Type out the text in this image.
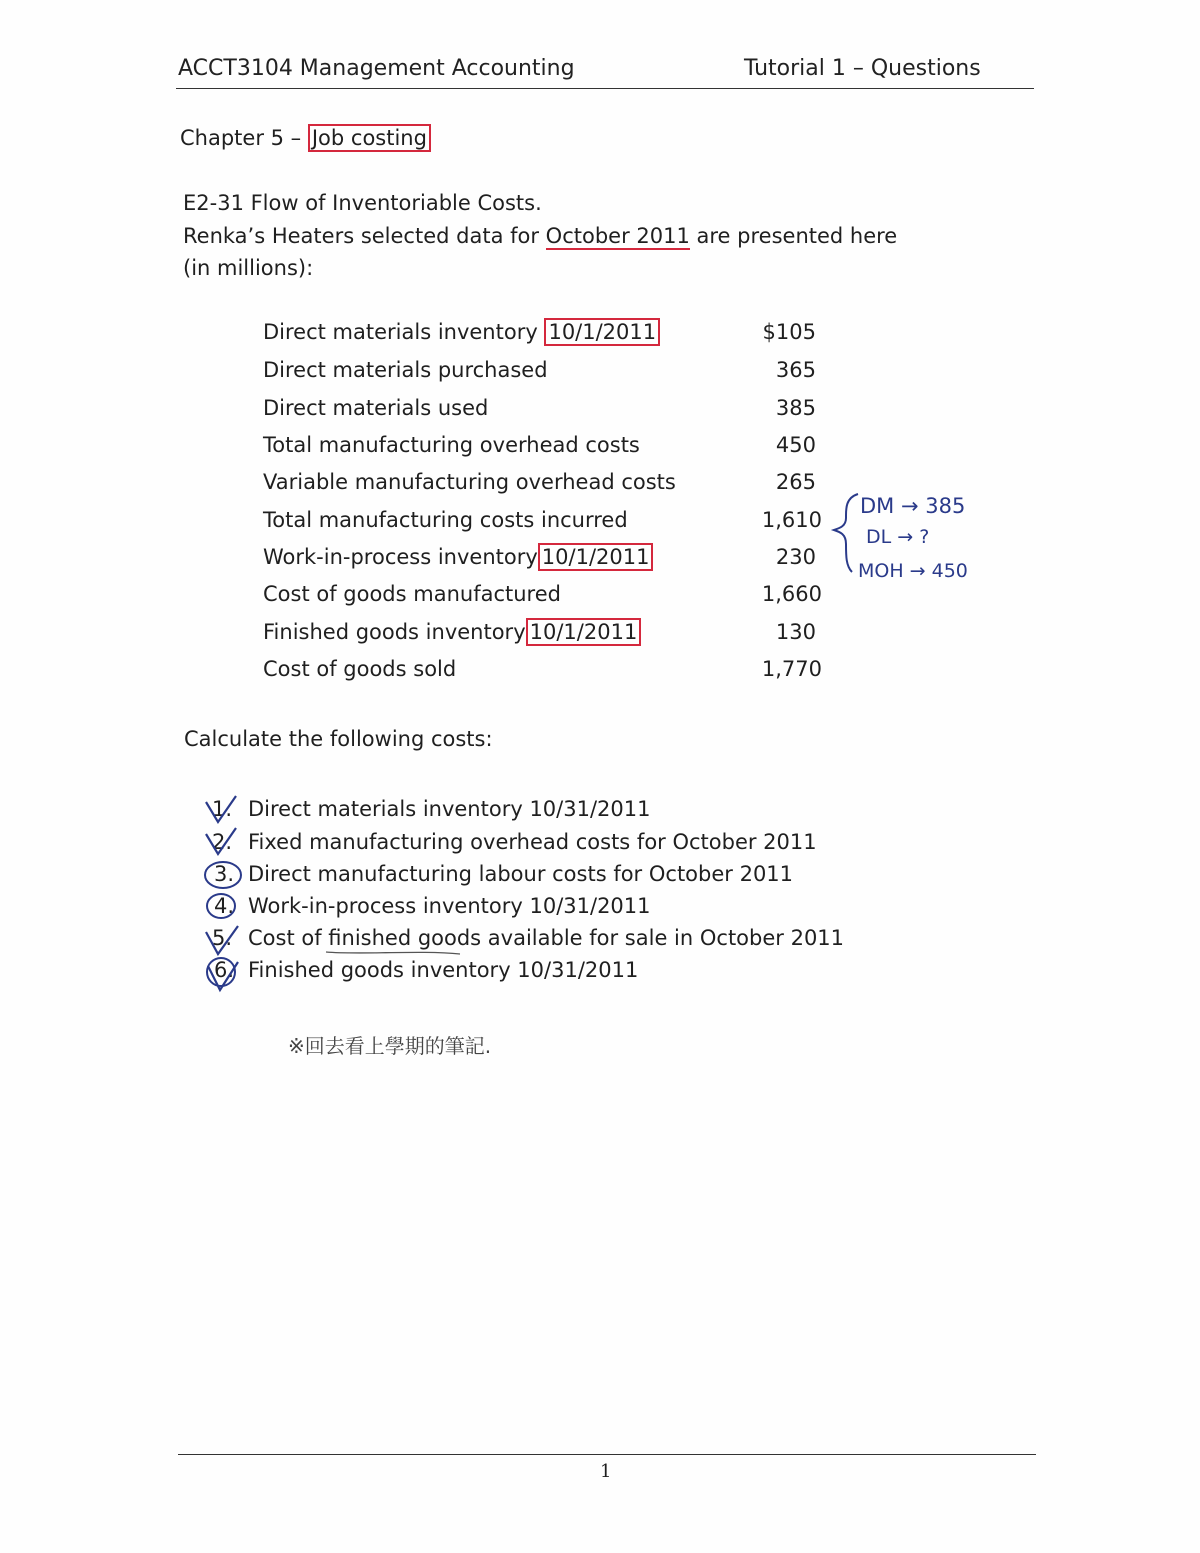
ACCT3104 Management Accounting	Tutorial 1 – Questions
Chapter 5 – Job costing
E2-31 Flow of Inventoriable Costs.
Renka’s Heaters selected data for October 2011 are presented here
(in millions):
Direct materials inventory 10/1/2011	$105
Direct materials purchased	365
Direct materials used	385
Total manufacturing overhead costs	450
Variable manufacturing overhead costs	265
Total manufacturing costs incurred	1,610
Work-in-process inventory 10/1/2011	230
Cost of goods manufactured	1,660
Finished goods inventory 10/1/2011	130
Cost of goods sold	1,770
DM → 385
DL → ?
MOH → 450
Calculate the following costs:
1. Direct materials inventory 10/31/2011
2. Fixed manufacturing overhead costs for October 2011
3. Direct manufacturing labour costs for October 2011
4. Work-in-process inventory 10/31/2011
5. Cost of finished goods available for sale in October 2011
6. Finished goods inventory 10/31/2011
※回去看上學期的筆記.
1
